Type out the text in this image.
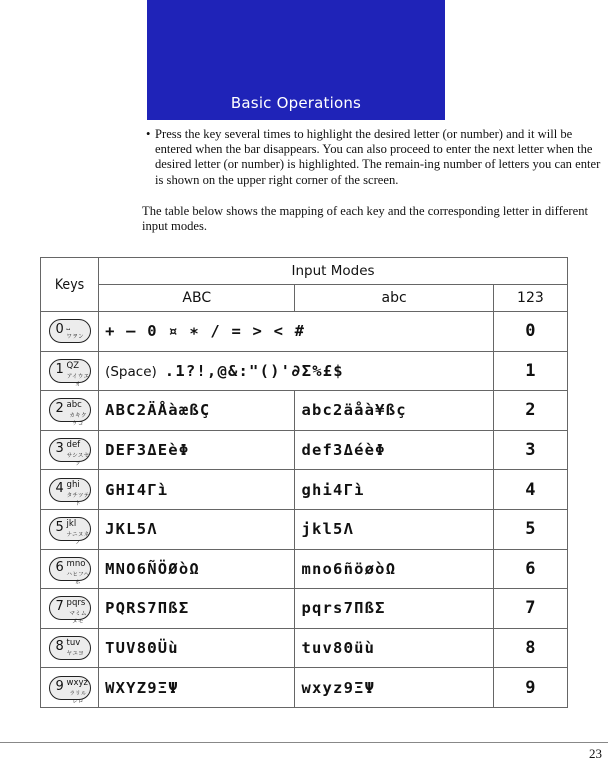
Basic Operations
• Press the key several times to highlight the desired letter (or number) and it will be entered when the bar disappears. You can also proceed to enter the next letter when the desired letter (or number) is highlighted. The remain-ing number of letters you can enter is shown on the upper right corner of the screen.
The table below shows the mapping of each key and the corresponding letter in different input modes.
Keys	Input Modes		
	ABC	abc	123

0 ⎵
ワヲン	+ – 0 ¤ ∗ / = > < #		0

1 QZ
アイウエオ	(Space) .1?!,@&:"()'∂Σ%£$		1

2 abc
カキクケコ	ABC2ÄÅàæßÇ	abc2äåà¥ßç	2

3 def
サシスセソ	DEF3ΔEèΦ	def3ΔéèΦ	3

4 ghi
タチツテト	GHI4Γì	ghi4Γì	4

5 jkl
ナニヌネノ	JKL5Λ	jkl5Λ	5

6 mno
ハヒフヘホ	MNO6ÑÖØòΩ	mno6ñöøòΩ	6

7 pqrs
マミムメモ	PQRS7ΠßΣ	pqrs7ΠßΣ	7

8 tuv
ヤユヨ	TUV8ΘÜù	tuv8Θüù	8

9 wxyz
ラリルレロ	WXYZ9ΞΨ	wxyz9ΞΨ	9
23
